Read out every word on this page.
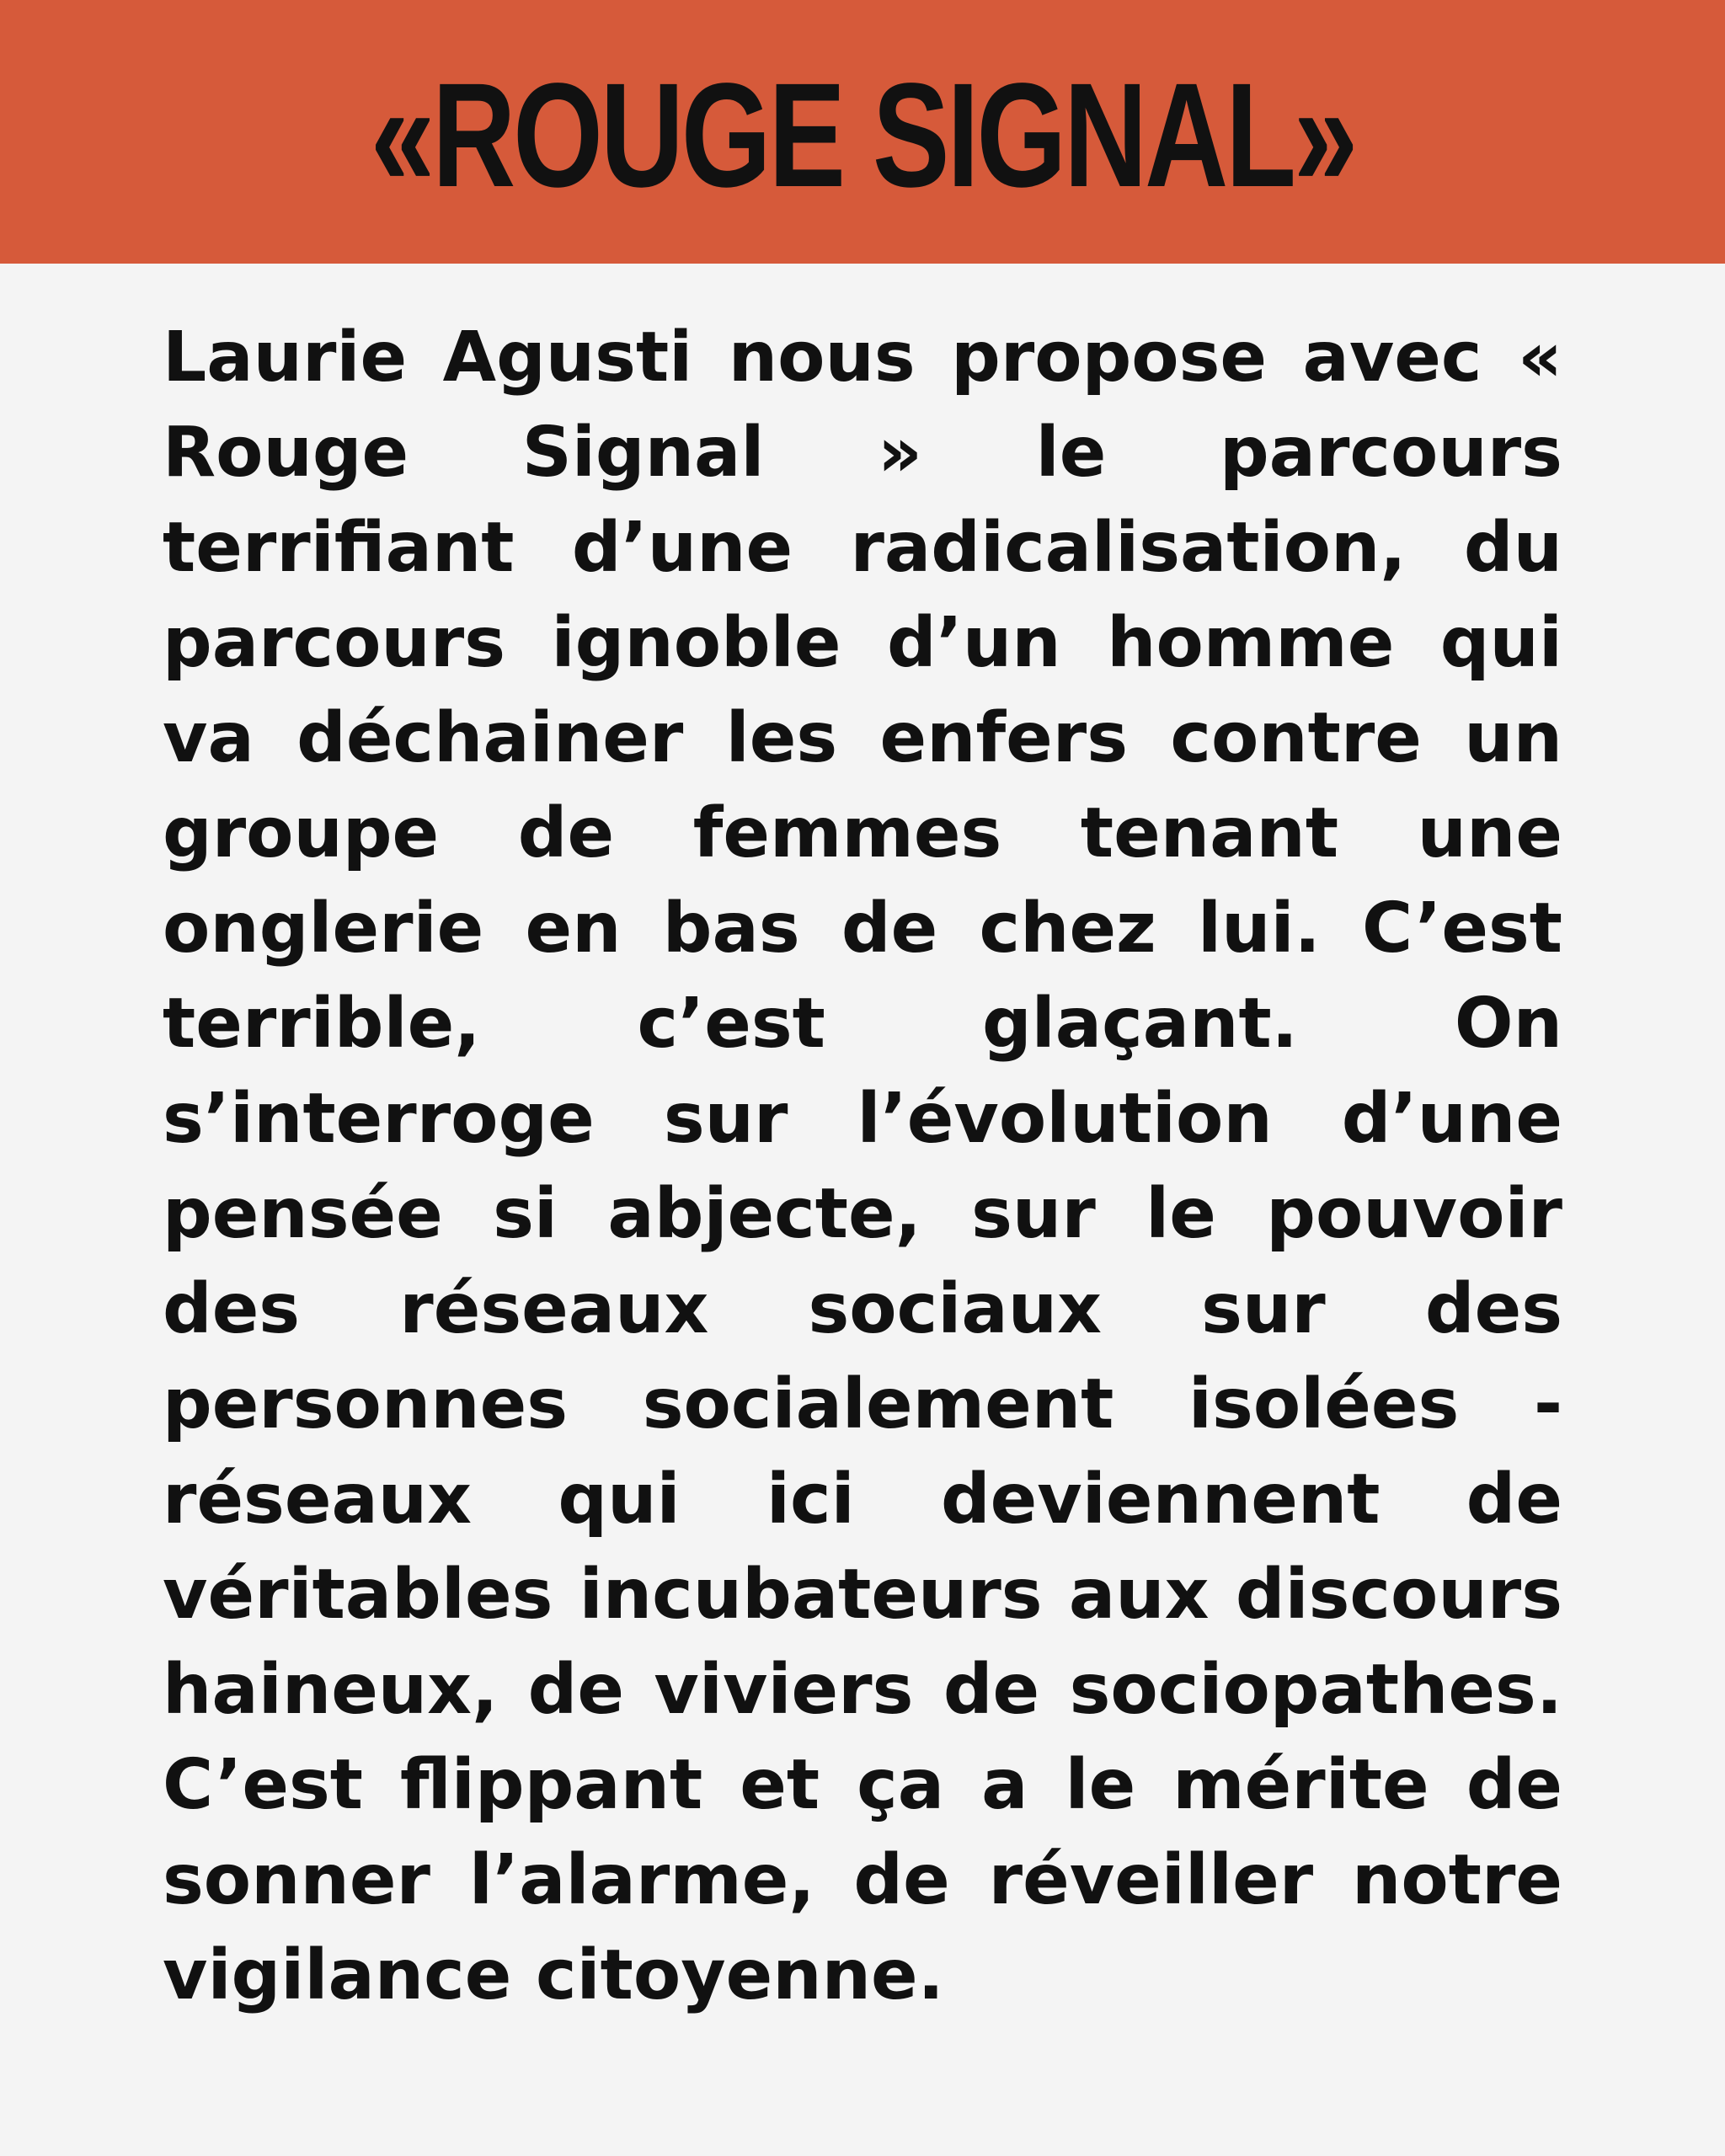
«ROUGE SIGNAL»

Laurie Agusti nous propose avec « Rouge Signal » le parcours terrifiant d’une radicalisation, du parcours ignoble d’un homme qui va déchainer les enfers contre un groupe de femmes tenant une onglerie en bas de chez lui. C’est terrible, c’est glaçant. On s’interroge sur l’évolution d’une pensée si abjecte, sur le pouvoir des réseaux sociaux sur des personnes socialement isolées - réseaux qui ici deviennent de véritables incubateurs aux discours haineux, de viviers de sociopathes. C’est flippant et ça a le mérite de sonner l’alarme, de réveiller notre vigilance citoyenne.
